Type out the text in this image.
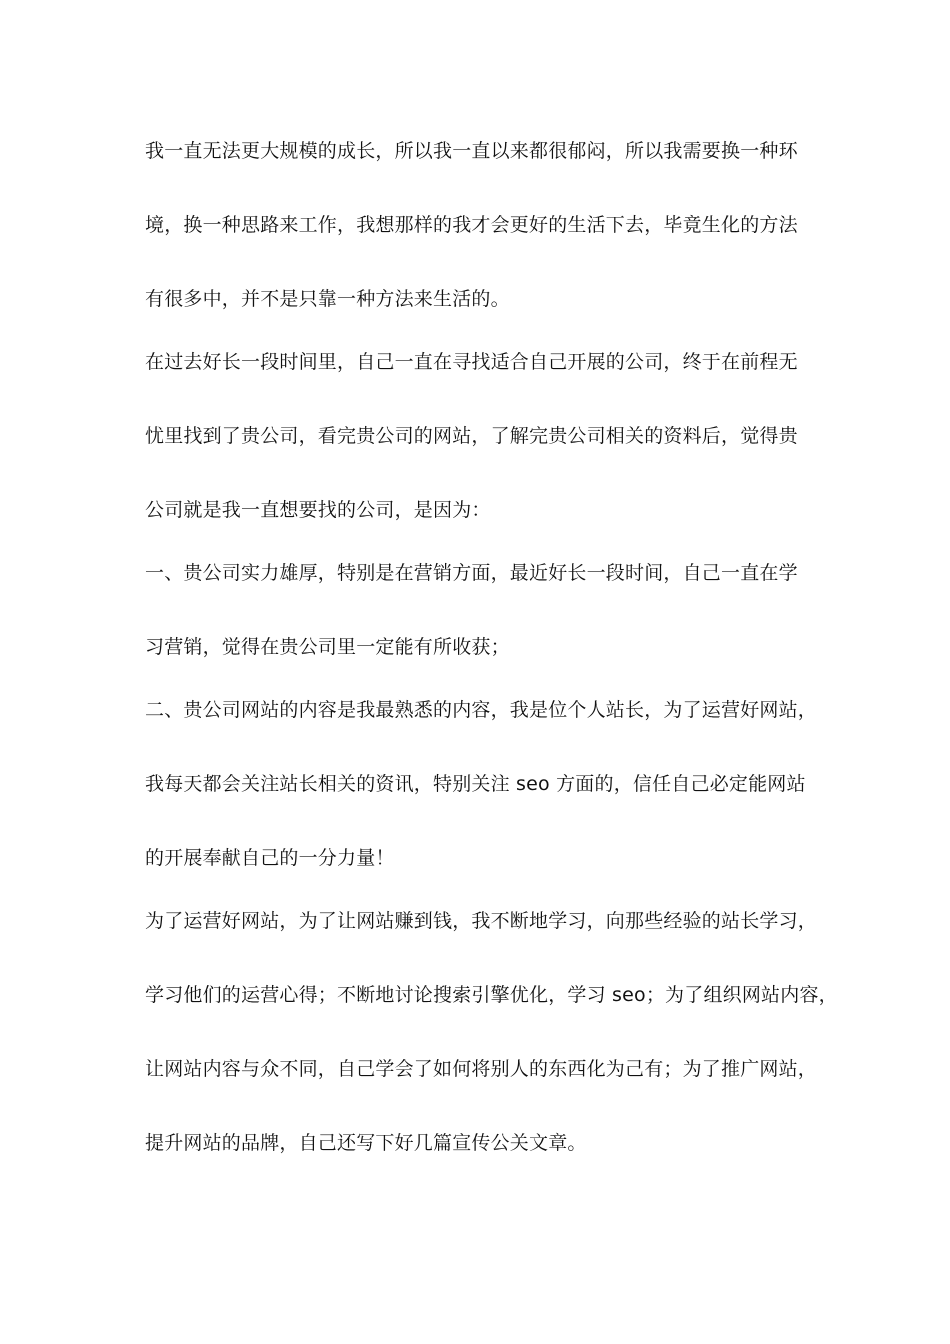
我一直无法更大规模的成长，所以我一直以来都很郁闷，所以我需要换一种环
境，换一种思路来工作，我想那样的我才会更好的生活下去，毕竟生化的方法
有很多中，并不是只靠一种方法来生活的。
在过去好长一段时间里，自己一直在寻找适合自己开展的公司，终于在前程无
忧里找到了贵公司，看完贵公司的网站，了解完贵公司相关的资料后，觉得贵
公司就是我一直想要找的公司，是因为：
一、贵公司实力雄厚，特别是在营销方面，最近好长一段时间，自己一直在学
习营销，觉得在贵公司里一定能有所收获；
二、贵公司网站的内容是我最熟悉的内容，我是位个人站长，为了运营好网站，
我每天都会关注站长相关的资讯，特别关注 seo 方面的，信任自己必定能网站
的开展奉献自己的一分力量！
为了运营好网站，为了让网站赚到钱，我不断地学习，向那些经验的站长学习，
学习他们的运营心得；不断地讨论搜索引擎优化，学习 seo；为了组织网站内容，
让网站内容与众不同，自己学会了如何将别人的东西化为己有；为了推广网站，
提升网站的品牌，自己还写下好几篇宣传公关文章。
